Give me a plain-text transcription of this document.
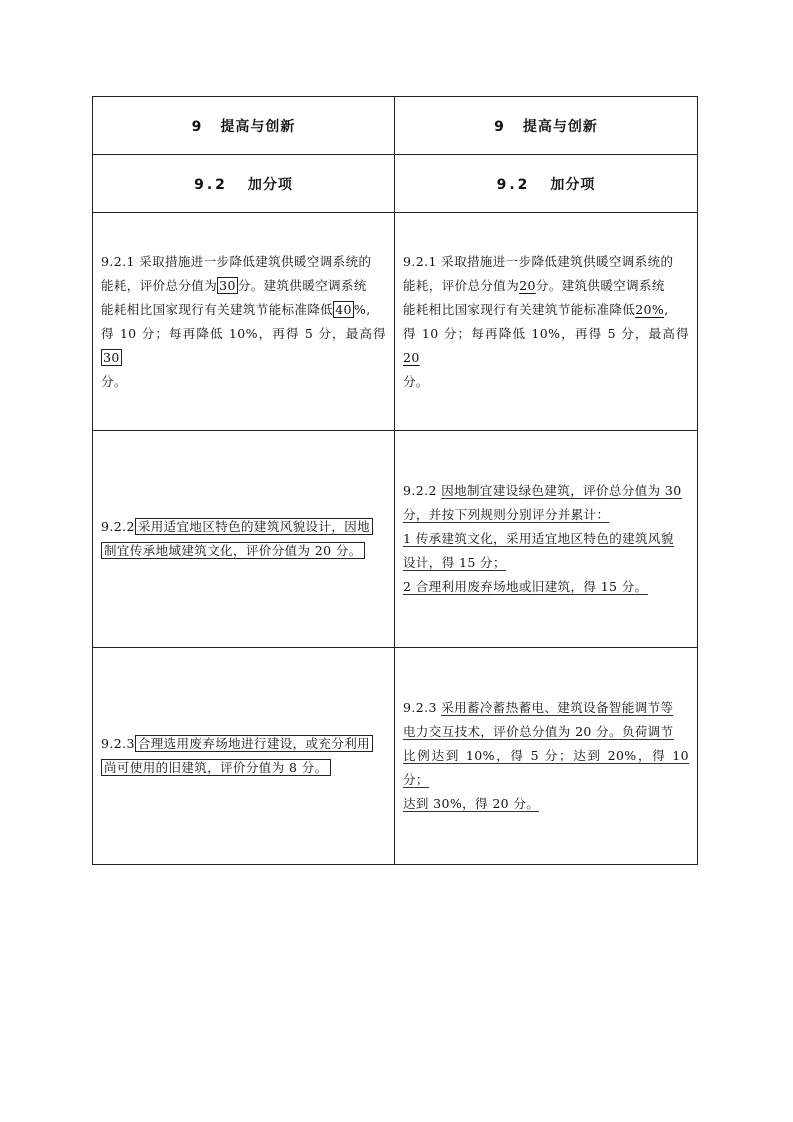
9 提高与创新	9 提高与创新
9.2 加分项	9.2 加分项

9.2.1 采取措施进一步降低建筑供暖空调系统的
能耗，评价总分值为 30 分。建筑供暖空调系统
能耗相比国家现行有关建筑节能标准降低 40 %,
得 10 分；每再降低 10%，再得 5 分，最高得30
分。	9.2.1 采取措施进一步降低建筑供暖空调系统的
能耗，评价总分值为20分。建筑供暖空调系统
能耗相比国家现行有关建筑节能标准降低20%,
得 10 分；每再降低 10%，再得 5 分，最高得20
分。

9.2.2 采用适宜地区特色的建筑风貌设计，因地
制宜传承地域建筑文化，评价分值为 20 分。	9.2.2 因地制宜建设绿色建筑，评价总分值为 30
分，并按下列规则分别评分并累计：
1 传承建筑文化，采用适宜地区特色的建筑风貌
设计，得 15 分；
2 合理利用废弃场地或旧建筑，得 15 分。

9.2.3 合理选用废弃场地进行建设，或充分利用
尚可使用的旧建筑，评价分值为 8 分。	9.2.3 采用蓄冷蓄热蓄电、建筑设备智能调节等
电力交互技术，评价总分值为 20 分。负荷调节
比例达到 10%，得 5 分；达到 20%，得 10 分；
达到 30%，得 20 分。
